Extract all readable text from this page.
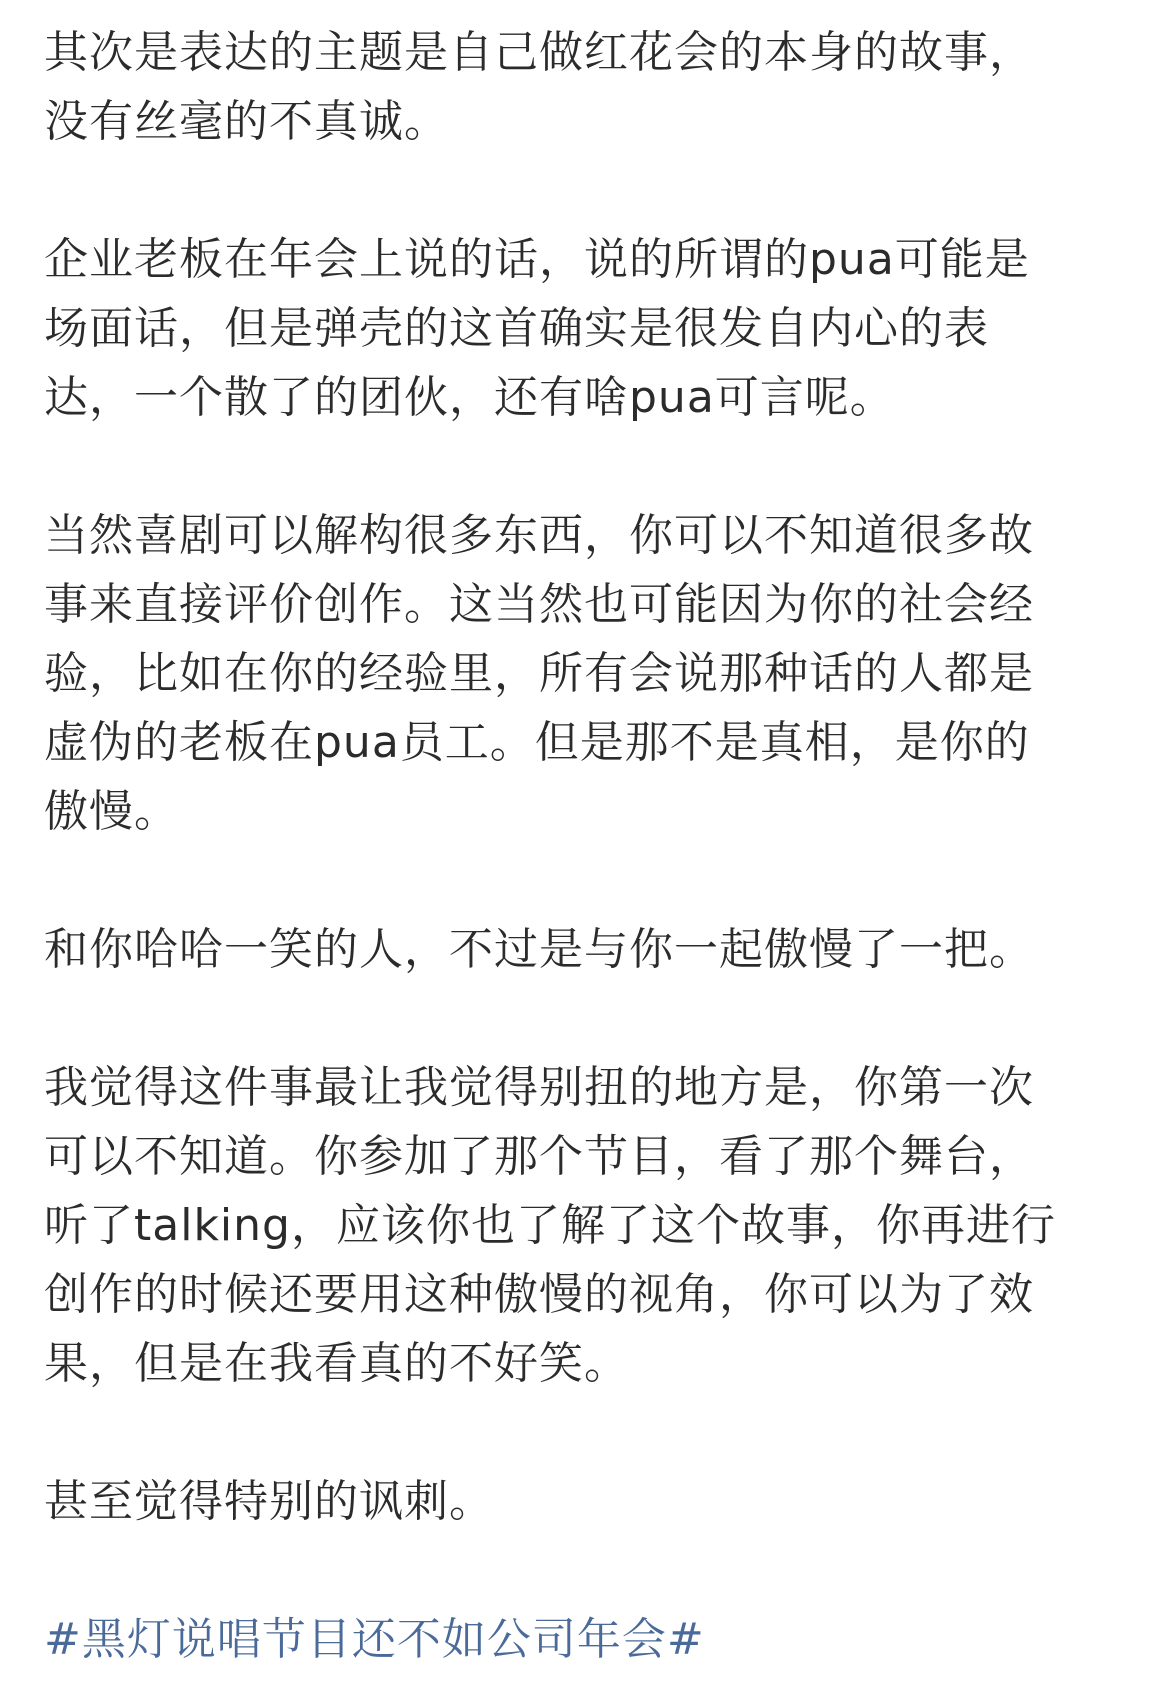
其次是表达的主题是自己做红花会的本身的故事，

没有丝毫的不真诚。

企业老板在年会上说的话，说的所谓的pua可能是

场面话，但是弹壳的这首确实是很发自内心的表

达，一个散了的团伙，还有啥pua可言呢。

当然喜剧可以解构很多东西，你可以不知道很多故

事来直接评价创作。这当然也可能因为你的社会经

验，比如在你的经验里，所有会说那种话的人都是

虚伪的老板在pua员工。但是那不是真相，是你的

傲慢。

和你哈哈一笑的人，不过是与你一起傲慢了一把。

我觉得这件事最让我觉得别扭的地方是，你第一次

可以不知道。你参加了那个节目，看了那个舞台，

听了talking，应该你也了解了这个故事，你再进行

创作的时候还要用这种傲慢的视角，你可以为了效

果，但是在我看真的不好笑。

甚至觉得特别的讽刺。

#黑灯说唱节目还不如公司年会#
